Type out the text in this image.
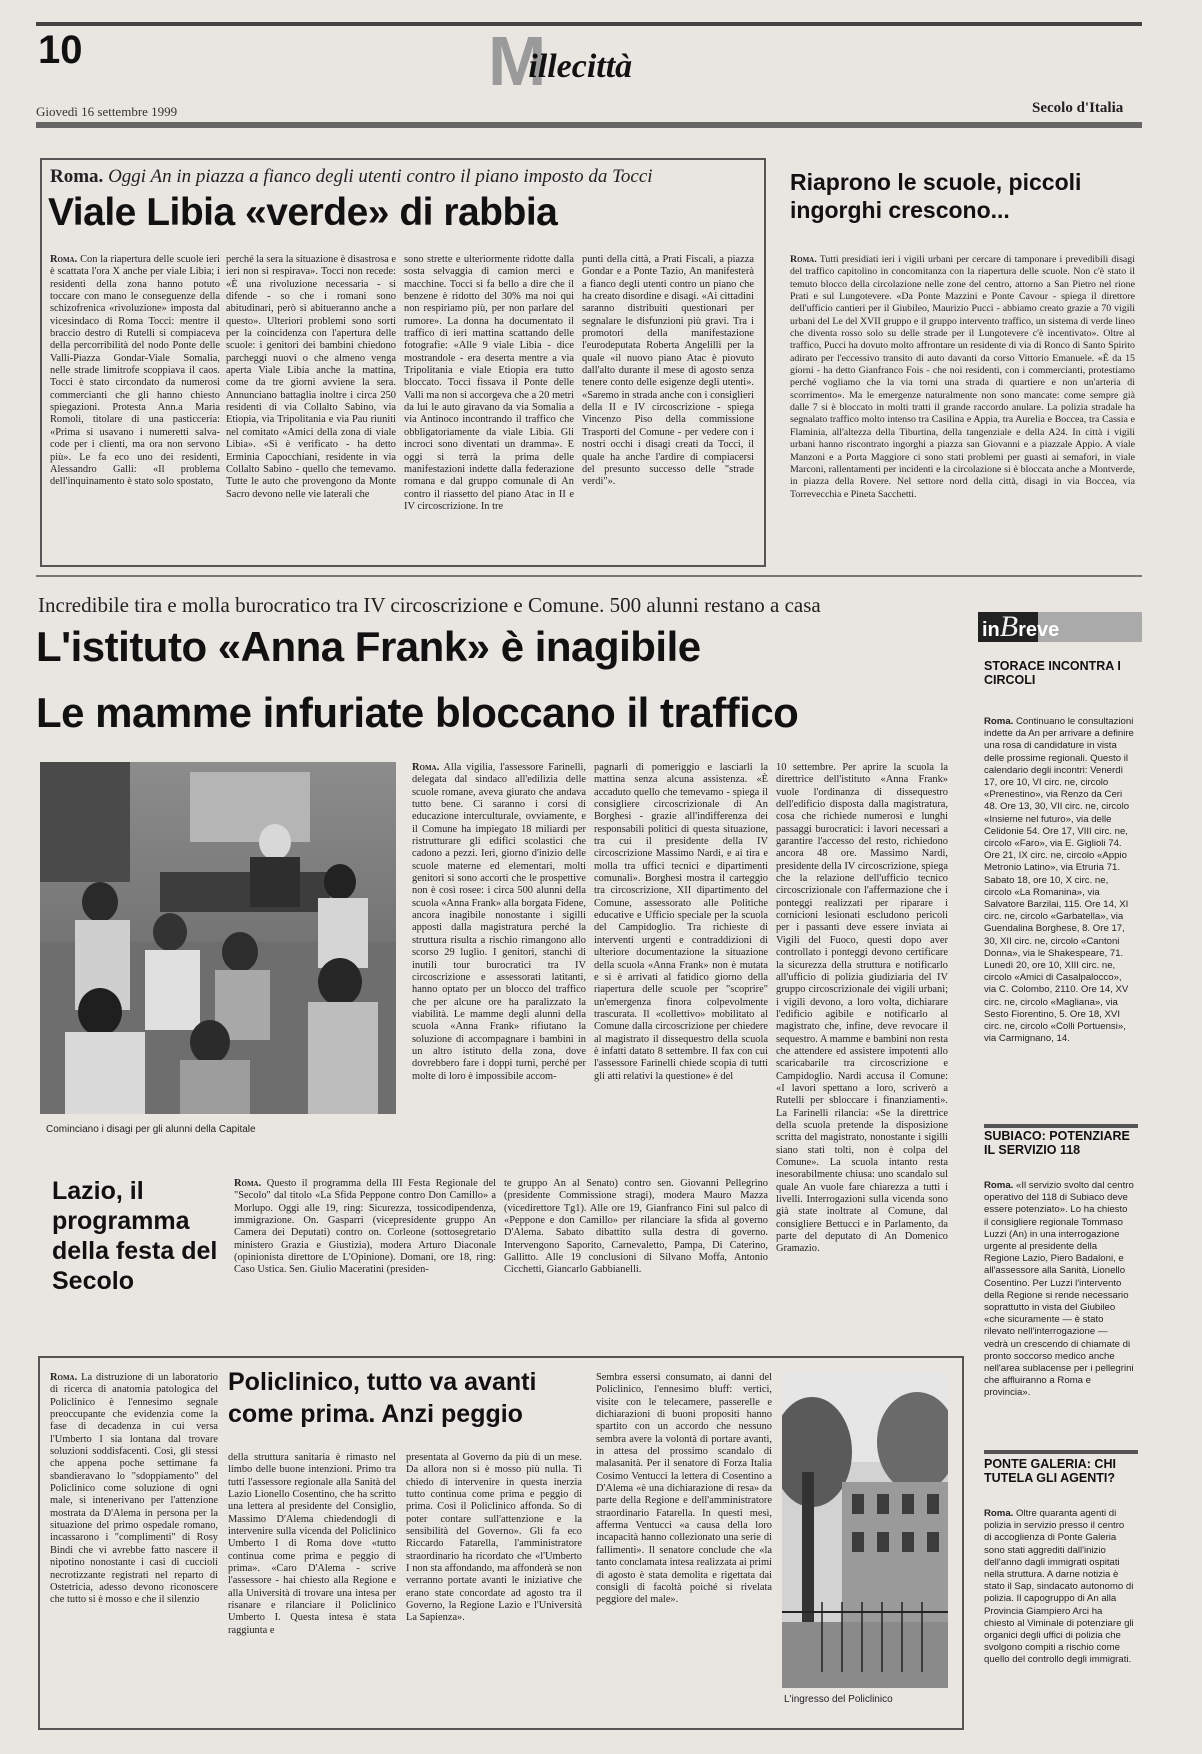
10	Millecittà
Giovedì 16 settembre 1999	Secolo d'Italia
Roma. Oggi An in piazza a fianco degli utenti contro il piano imposto da Tocci
Viale Libia «verde» di rabbia
Roma. Con la riapertura delle scuole ieri è scattata l'ora X anche per viale Libia; i residenti della zona hanno potuto toccare con mano le conseguenze della schizofrenica «rivoluzione» imposta dal vicesindaco di Roma Tocci: mentre il braccio destro di Rutelli si compiaceva della percorribilità del nodo Ponte delle Valli-Piazza Gondar-Viale Somalia, nelle strade limitrofe scoppiava il caos. Tocci è stato circondato da numerosi commercianti che gli hanno chiesto spiegazioni. Protesta Ann.a Maria Romoli, titolare di una pasticceria: «Prima si usavano i numeretti salva-code per i clienti, ma ora non servono più». Le fa eco uno dei residenti, Alessandro Galli: «Il problema dell'inquinamento è stato solo spostato,
perché la sera la situazione è disastrosa e ieri non si respirava». Tocci non recede: «È una rivoluzione necessaria - si difende - so che i romani sono abitudinari, però si abitueranno anche a questo». Ulteriori problemi sono sorti per la coincidenza con l'apertura delle scuole: i genitori dei bambini chiedono parcheggi nuovi o che almeno venga aperta Viale Libia anche la mattina, come da tre giorni avviene la sera. Annunciano battaglia inoltre i circa 250 residenti di via Collalto Sabino, via Etiopia, via Tripolitania e via Pau riuniti nel comitato «Amici della zona di viale Libia». «Si è verificato - ha detto Erminia Capocchiani, residente in via Collalto Sabino - quello che temevamo. Tutte le auto che provengono da Monte Sacro devono nelle vie laterali che
sono strette e ulteriormente ridotte dalla sosta selvaggia di camion merci e macchine. Tocci si fa bello a dire che il benzene è ridotto del 30% ma noi qui non respiriamo più, per non parlare del rumore». La donna ha documentato il traffico di ieri mattina scattando delle fotografie: «Alle 9 viale Libia - dice mostrandole - era deserta mentre a via Tripolitania e viale Etiopia era tutto bloccato. Tocci fissava il Ponte delle Valli ma non si accorgeva che a 20 metri da lui le auto giravano da via Somalia a via Antinoco incontrando il traffico che obbligatoriamente da viale Libia. Gli incroci sono diventati un dramma». E oggi si terrà la prima delle manifestazioni indette dalla federazione romana e dal gruppo comunale di An contro il riassetto del piano Atac in II e IV circoscrizione. In tre
punti della città, a Prati Fiscali, a piazza Gondar e a Ponte Tazio, An manifesterà a fianco degli utenti contro un piano che ha creato disordine e disagi. «Ai cittadini saranno distribuiti questionari per segnalare le disfunzioni più gravi. Tra i promotori della manifestazione l'eurodeputata Roberta Angelilli per la quale «il nuovo piano Atac è piovuto dall'alto durante il mese di agosto senza tenere conto delle esigenze degli utenti». «Saremo in strada anche con i consiglieri della II e IV circoscrizione - spiega Vincenzo Piso della commissione Trasporti del Comune - per vedere con i nostri occhi i disagi creati da Tocci, il quale ha anche l'ardire di compiacersi del presunto successo delle "strade verdi"».
Riaprono le scuole, piccoli ingorghi crescono...
Roma. Tutti presidiati ieri i vigili urbani per cercare di tamponare i prevedibili disagi del traffico capitolino in concomitanza con la riapertura delle scuole. Non c'è stato il temuto blocco della circolazione nelle zone del centro, attorno a San Pietro nel rione Prati e sul Lungotevere. «Da Ponte Mazzini e Ponte Cavour - spiega il direttore dell'ufficio cantieri per il Giubileo, Maurizio Pucci - abbiamo creato grazie a 70 vigili urbani del Le del XVII gruppo e il gruppo intervento traffico, un sistema di verde lineo che diventa rosso solo su delle strade per il Lungotevere c'è incentivato». Oltre al traffico, Pucci ha dovuto molto affrontare un residente di via di Ronco di Santo Spirito adirato per l'eccessivo transito di auto davanti da corso Vittorio Emanuele. «È da 15 giorni - ha detto Gianfranco Fois - che noi residenti, con i commercianti, protestiamo perché vogliamo che la via torni una strada di quartiere e non un'arteria di scorrimento». Ma le emergenze naturalmente non sono mancate: come sempre già dalle 7 si è bloccato in molti tratti il grande raccordo anulare. La polizia stradale ha segnalato traffico molto intenso tra Casilina e Appia, tra Aurelia e Boccea, tra Cassia e Flaminia, all'altezza della Tiburtina, della tangenziale e della A24. In città i vigili urbani hanno riscontrato ingorghi a piazza san Giovanni e a piazzale Appio. A viale Manzoni e a Porta Maggiore ci sono stati problemi per guasti ai semafori, in viale Marconi, rallentamenti per incidenti e la circolazione si è bloccata anche a Montverde, in piazza della Rovere. Nel settore nord della città, disagi in via Boccea, via Torrevecchia e Pineta Sacchetti.
Incredibile tira e molla burocratico tra IV circoscrizione e Comune. 500 alunni restano a casa
L'istituto «Anna Frank» è inagibile
Le mamme infuriate bloccano il traffico
Cominciano i disagi per gli alunni della Capitale
Roma. Alla vigilia, l'assessore Farinelli, delegata dal sindaco all'edilizia delle scuole romane, aveva giurato che andava tutto bene. Ci saranno i corsi di educazione interculturale, ovviamente, e il Comune ha impiegato 18 miliardi per ristrutturare gli edifici scolastici che cadono a pezzi. Ieri, giorno d'inizio delle scuole materne ed elementari, molti genitori si sono accorti che le prospettive non è così rosee: i circa 500 alunni della scuola «Anna Frank» alla borgata Fidene, ancora inagibile nonostante i sigilli apposti dalla magistratura perché la struttura risulta a rischio rimangono allo scorso 29 luglio. I genitori, stanchi di inutili tour burocratici tra IV circoscrizione e assessorati latitanti, hanno optato per un blocco del traffico che per alcune ore ha paralizzato la viabilità. Le mamme degli alunni della scuola «Anna Frank» rifiutano la soluzione di accompagnare i bambini in un altro istituto della zona, dove dovrebbero fare i doppi turni, perché per molte di loro è impossibile accom-
pagnarli di pomeriggio e lasciarli la mattina senza alcuna assistenza. «È accaduto quello che temevamo - spiega il consigliere circoscrizionale di An Borghesi - grazie all'indifferenza dei responsabili politici di questa situazione, tra cui il presidente della IV circoscrizione Massimo Nardi, e ai tira e molla tra uffici tecnici e dipartimenti comunali». Borghesi mostra il carteggio tra circoscrizione, XII dipartimento del Comune, assessorato alle Politiche educative e Ufficio speciale per la scuola del Campidoglio. Tra richieste di interventi urgenti e contraddizioni di ulteriore documentazione la situazione della scuola «Anna Frank» non è mutata e si è arrivati al fatidico giorno della riapertura delle scuole per "scoprire" un'emergenza finora colpevolmente trascurata. Il «collettivo» mobilitato al Comune dalla circoscrizione per chiedere al magistrato il dissequestro della scuola è infatti datato 8 settembre. Il fax con cui l'assessore Farinelli chiede scopia di tutti gli atti relativi la questione» è del
10 settembre. Per aprire la scuola la direttrice dell'istituto «Anna Frank» vuole l'ordinanza di dissequestro dell'edificio disposta dalla magistratura, cosa che richiede numerosi e lunghi passaggi burocratici: i lavori necessari a garantire l'accesso del resto, richiedono ancora 48 ore. Massimo Nardi, presidente della IV circoscrizione, spiega che la relazione dell'ufficio tecnico circoscrizionale con l'affermazione che i ponteggi realizzati per riparare i cornicioni lesionati escludono pericoli per i passanti deve essere inviata ai Vigili del Fuoco, questi dopo aver controllato i ponteggi devono certificare la sicurezza della struttura e notificarlo all'ufficio di polizia giudiziaria del IV gruppo circoscrizionale dei vigili urbani; i vigili devono, a loro volta, dichiarare l'edificio agibile e notificarlo al magistrato che, infine, deve revocare il sequestro. A mamme e bambini non resta che attendere ed assistere impotenti allo scaricabarile tra circoscrizione e Campidoglio. Nardi accusa il Comune: «I lavori spettano a loro, scriverò a Rutelli per sbloccare i finanziamenti». La Farinelli rilancia: «Se la direttrice della scuola pretende la disposizione scritta del magistrato, nonostante i sigilli siano stati tolti, non è colpa del Comune». La scuola intanto resta inesorabilmente chiusa: uno scandalo sul quale An vuole fare chiarezza a tutti i livelli. Interrogazioni sulla vicenda sono già state inoltrate al Comune, dal consigliere Bettucci e in Parlamento, da parte del deputato di An Domenico Gramazio.
Lazio, il programma della festa del Secolo
Roma. Questo il programma della III Festa Regionale del "Secolo" dal titolo «La Sfida Peppone contro Don Camillo» a Morlupo. Oggi alle 19, ring: Sicurezza, tossicodipendenza, immigrazione. On. Gasparri (vicepresidente gruppo An Camera dei Deputati) contro on. Corleone (sottosegretario ministero Grazia e Giustizia), modera Arturo Diaconale (opinionista direttore de L'Opinione). Domani, ore 18, ring: Caso Ustica. Sen. Giulio Maceratini (presiden-
te gruppo An al Senato) contro sen. Giovanni Pellegrino (presidente Commissione stragi), modera Mauro Mazza (vicedirettore Tg1). Alle ore 19, Gianfranco Fini sul palco di «Peppone e don Camillo» per rilanciare la sfida al governo D'Alema. Sabato dibattito sulla destra di governo. Intervengono Saporito, Carnevaletto, Pampa, Di Caterino, Gallitto. Alle 19 conclusioni di Silvano Moffa, Antonio Cicchetti, Giancarlo Gabbianelli.
Policlinico, tutto va avanti come prima. Anzi peggio
Roma. La distruzione di un laboratorio di ricerca di anatomia patologica del Policlinico è l'ennesimo segnale preoccupante che evidenzia come la fase di decadenza in cui versa l'Umberto I sia lontana dal trovare soluzioni soddisfacenti. Così, gli stessi che appena poche settimane fa sbandieravano lo "sdoppiamento" del Policlinico come soluzione di ogni male, si intenerivano per l'attenzione mostrata da D'Alema in persona per la situazione del primo ospedale romano, incassarono i "complimenti" di Rosy Bindi che vi avrebbe fatto nascere il nipotino nonostante i casi di cuccioli necrotizzante registrati nel reparto di Ostetricia, adesso devono riconoscere che tutto si è mosso e che il silenzio
della struttura sanitaria è rimasto nel limbo delle buone intenzioni. Primo tra tutti l'assessore regionale alla Sanità del Lazio Lionello Cosentino, che ha scritto una lettera al presidente del Consiglio, Massimo D'Alema chiedendogli di intervenire sulla vicenda del Policlinico Umberto I di Roma dove «tutto continua come prima e peggio di prima». «Caro D'Alema - scrive l'assessore - hai chiesto alla Regione e alla Università di trovare una intesa per risanare e rilanciare il Policlinico Umberto I. Questa intesa è stata raggiunta e
presentata al Governo da più di un mese. Da allora non si è mosso più nulla. Ti chiedo di intervenire in questa inerzia tutto continua come prima e peggio di prima. Così il Policlinico affonda. So di poter contare sull'attenzione e la sensibilità del Governo». Gli fa eco Riccardo Fatarella, l'amministratore straordinario ha ricordato che «l'Umberto I non sta affondando, ma affonderà se non verranno portate avanti le iniziative che erano state concordate ad agosto tra il Governo, la Regione Lazio e l'Università La Sapienza».
Sembra essersi consumato, ai danni del Policlinico, l'ennesimo bluff: vertici, visite con le telecamere, passerelle e dichiarazioni di buoni propositi hanno spartito con un accordo che nessuno sembra avere la volontà di portare avanti, in attesa del prossimo scandalo di malasanità. Per il senatore di Forza Italia Cosimo Ventucci la lettera di Cosentino a D'Alema «è una dichiarazione di resa» da parte della Regione e dell'amministratore straordinario Fatarella. In questi mesi, afferma Ventucci «a causa della loro incapacità hanno collezionato una serie di fallimenti». Il senatore conclude che «la tanto conclamata intesa realizzata ai primi di agosto è stata demolita e rigettata dai consigli di facoltà poiché si rivelata peggiore del male».
L'ingresso del Policlinico
inBreve
STORACE INCONTRA I CIRCOLI
Roma. Continuano le consultazioni indette da An per arrivare a definire una rosa di candidature in vista delle prossime regionali. Questo il calendario degli incontri: Venerdì 17, ore 10, VI circ. ne, circolo «Prenestino», via Renzo da Ceri 48. Ore 13, 30, VII circ. ne, circolo «Insieme nel futuro», via delle Celidonie 54. Ore 17, VIII circ. ne, circolo «Faro», via E. Giglioli 74. Ore 21, IX circ. ne, circolo «Appio Metronio Latino», via Etruria 71. Sabato 18, ore 10, X circ. ne, circolo «La Romanina», via Salvatore Barzilai, 115. Ore 14, XI circ. ne, circolo «Garbatella», via Guendalina Borghese, 8. Ore 17, 30, XII circ. ne, circolo «Cantoni Donna», via le Shakespeare, 71. Lunedì 20, ore 10, XIII circ. ne, circolo «Amici di Casalpalocco», via C. Colombo, 2110. Ore 14, XV circ. ne, circolo «Magliana», via Sesto Fiorentino, 5. Ore 18, XVI circ. ne, circolo «Colli Portuensi», via Carmignano, 14.
SUBIACO: POTENZIARE IL SERVIZIO 118
Roma. «Il servizio svolto dal centro operativo del 118 di Subiaco deve essere potenziato». Lo ha chiesto il consigliere regionale Tommaso Luzzi (An) in una interrogazione urgente al presidente della Regione Lazio, Piero Badaloni, e all'assessore alla Sanità, Lionello Cosentino. Per Luzzi l'intervento della Regione si rende necessario soprattutto in vista del Giubileo «che sicuramente — è stato rilevato nell'interrogazione — vedrà un crescendo di chiamate di pronto soccorso medico anche nell'area sublacense per i pellegrini che affluiranno a Roma e provincia».
PONTE GALERIA: CHI TUTELA GLI AGENTI?
Roma. Oltre quaranta agenti di polizia in servizio presso il centro di accoglienza di Ponte Galeria sono stati aggrediti dall'inizio dell'anno dagli immigrati ospitati nella struttura. A darne notizia è stato il Sap, sindacato autonomo di polizia. Il capogruppo di An alla Provincia Giampiero Arci ha chiesto al Viminale di potenziare gli organici degli uffici di polizia che svolgono compiti a rischio come quello del controllo degli immigrati.
